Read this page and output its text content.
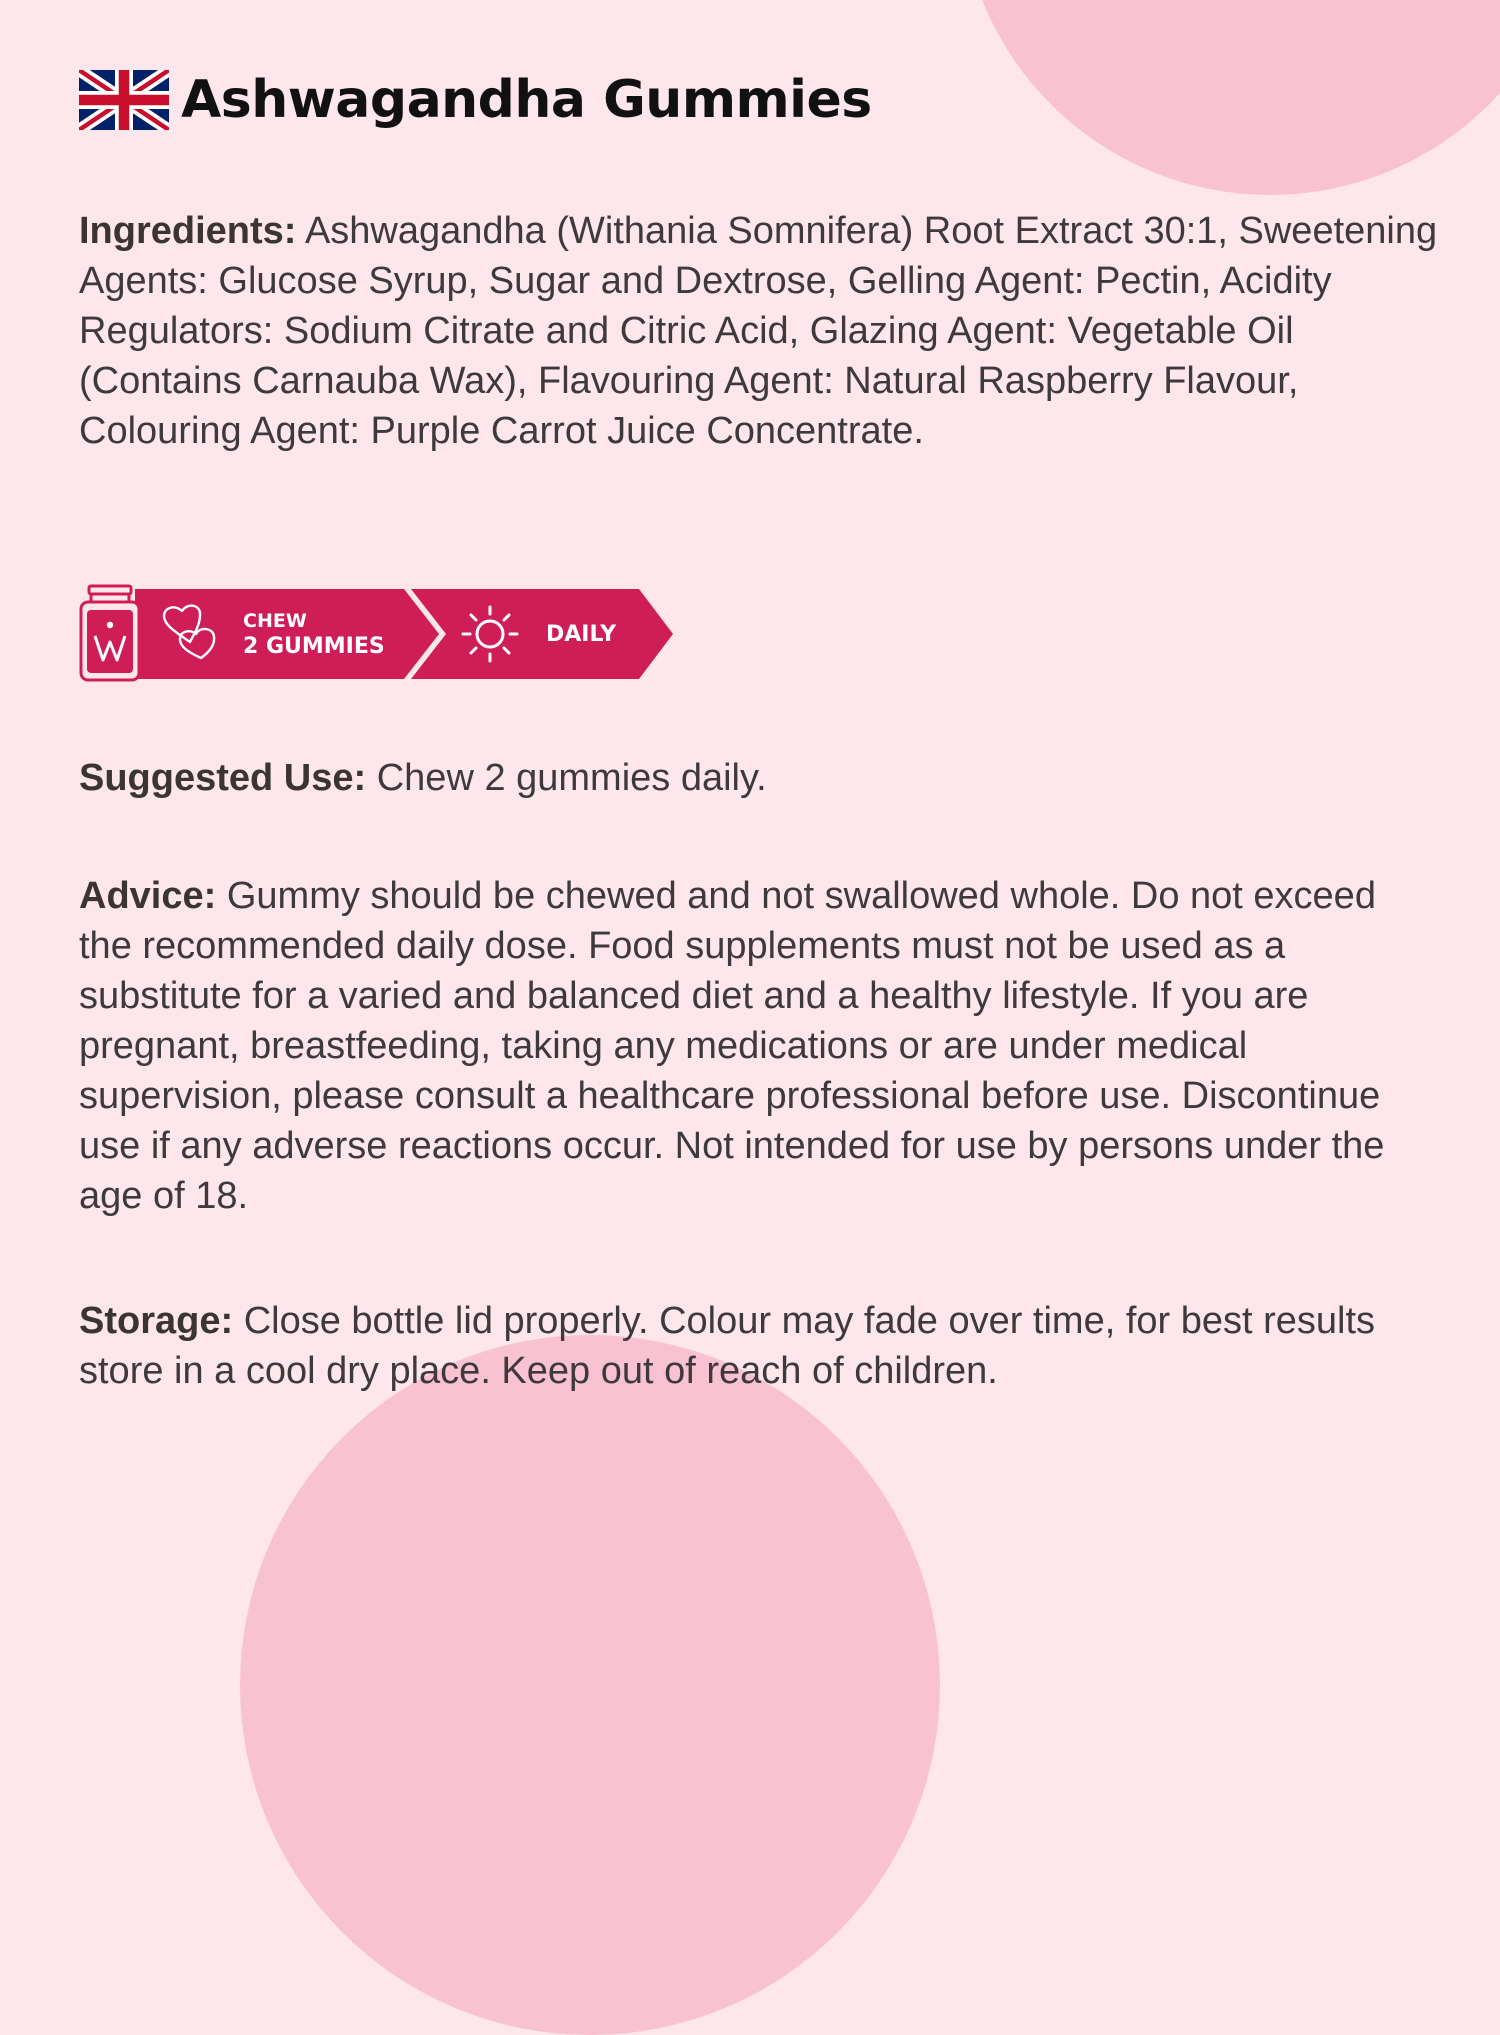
Ashwagandha Gummies

Ingredients: Ashwagandha (Withania Somnifera) Root Extract 30:1, Sweetening Agents: Glucose Syrup, Sugar and Dextrose, Gelling Agent: Pectin, Acidity Regulators: Sodium Citrate and Citric Acid, Glazing Agent: Vegetable Oil (Contains Carnauba Wax), Flavouring Agent: Natural Raspberry Flavour, Colouring Agent: Purple Carrot Juice Concentrate.

CHEW
2 GUMMIES	DAILY

Suggested Use: Chew 2 gummies daily.

Advice: Gummy should be chewed and not swallowed whole. Do not exceed the recommended daily dose. Food supplements must not be used as a substitute for a varied and balanced diet and a healthy lifestyle. If you are pregnant, breastfeeding, taking any medications or are under medical supervision, please consult a healthcare professional before use. Discontinue use if any adverse reactions occur. Not intended for use by persons under the age of 18.

Storage: Close bottle lid properly. Colour may fade over time, for best results store in a cool dry place. Keep out of reach of children.
